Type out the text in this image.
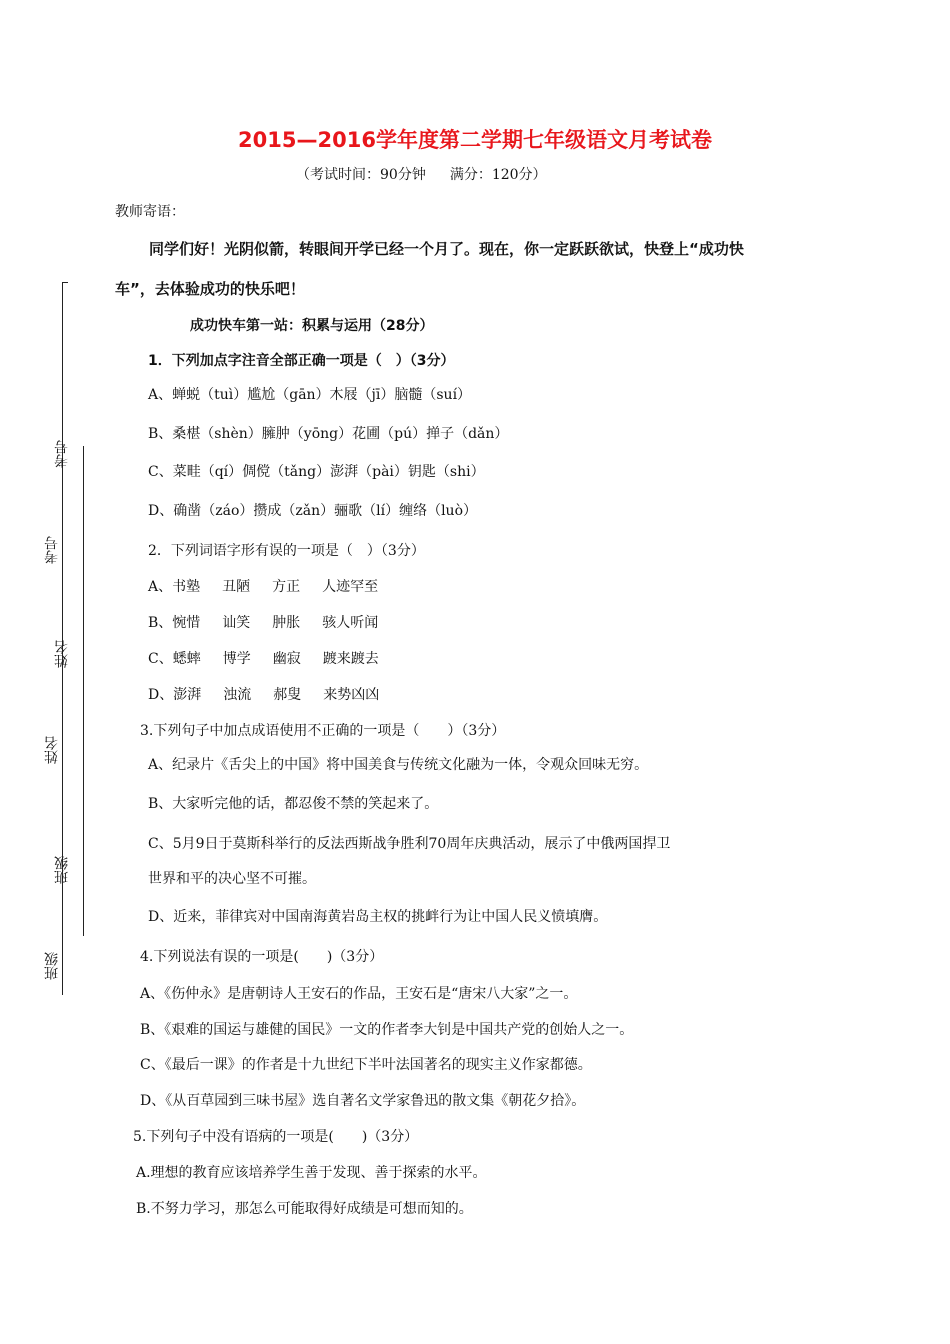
考号
考号
姓名
姓名
班级
班级
2015—2016学年度第二学期七年级语文月考试卷
（考试时间：90分钟 满分：120分）
教师寄语：
同学们好！光阴似箭，转眼间开学已经一个月了。现在，你一定跃跃欲试，快登上“成功快
车”，去体验成功的快乐吧！
成功快车第一站：积累与运用（28分）
1．下列加点字注音全部正确一项是（　）（3分）
A、蝉蜕（tuì）尴尬（gān）木屐（jī）脑髓（suí）
B、桑椹（shèn）臃肿（yōng）花圃（pú）掸子（dǎn）
C、菜畦（qí）倜傥（tǎng）澎湃（pài）钥匙（shi）
D、确凿（záo）攒成（zǎn）骊歌（lí）缠络（luò）
2．下列词语字形有误的一项是（　）（3分）
A、书塾 丑陋 方正 人迹罕至
B、惋惜 讪笑 肿胀 骇人听闻
C、蟋蟀 博学 幽寂 踱来踱去
D、澎湃 浊流 郝叟 来势凶凶
3.下列句子中加点成语使用不正确的一项是（　　）（3分）
A、纪录片《舌尖上的中国》将中国美食与传统文化融为一体，令观众回味无穷。
B、大家听完他的话，都忍俊不禁的笑起来了。
C、5月9日于莫斯科举行的反法西斯战争胜利70周年庆典活动，展示了中俄两国捍卫
世界和平的决心坚不可摧。
D、近来，菲律宾对中国南海黄岩岛主权的挑衅行为让中国人民义愤填膺。
4.下列说法有误的一项是(　　)（3分）
A、《伤仲永》是唐朝诗人王安石的作品，王安石是“唐宋八大家”之一。
B、《艰难的国运与雄健的国民》一文的作者李大钊是中国共产党的创始人之一。
C、《最后一课》的作者是十九世纪下半叶法国著名的现实主义作家都德。
D、《从百草园到三味书屋》选自著名文学家鲁迅的散文集《朝花夕拾》。
5.下列句子中没有语病的一项是(　　)（3分）
A.理想的教育应该培养学生善于发现、善于探索的水平。
B.不努力学习，那怎么可能取得好成绩是可想而知的。
